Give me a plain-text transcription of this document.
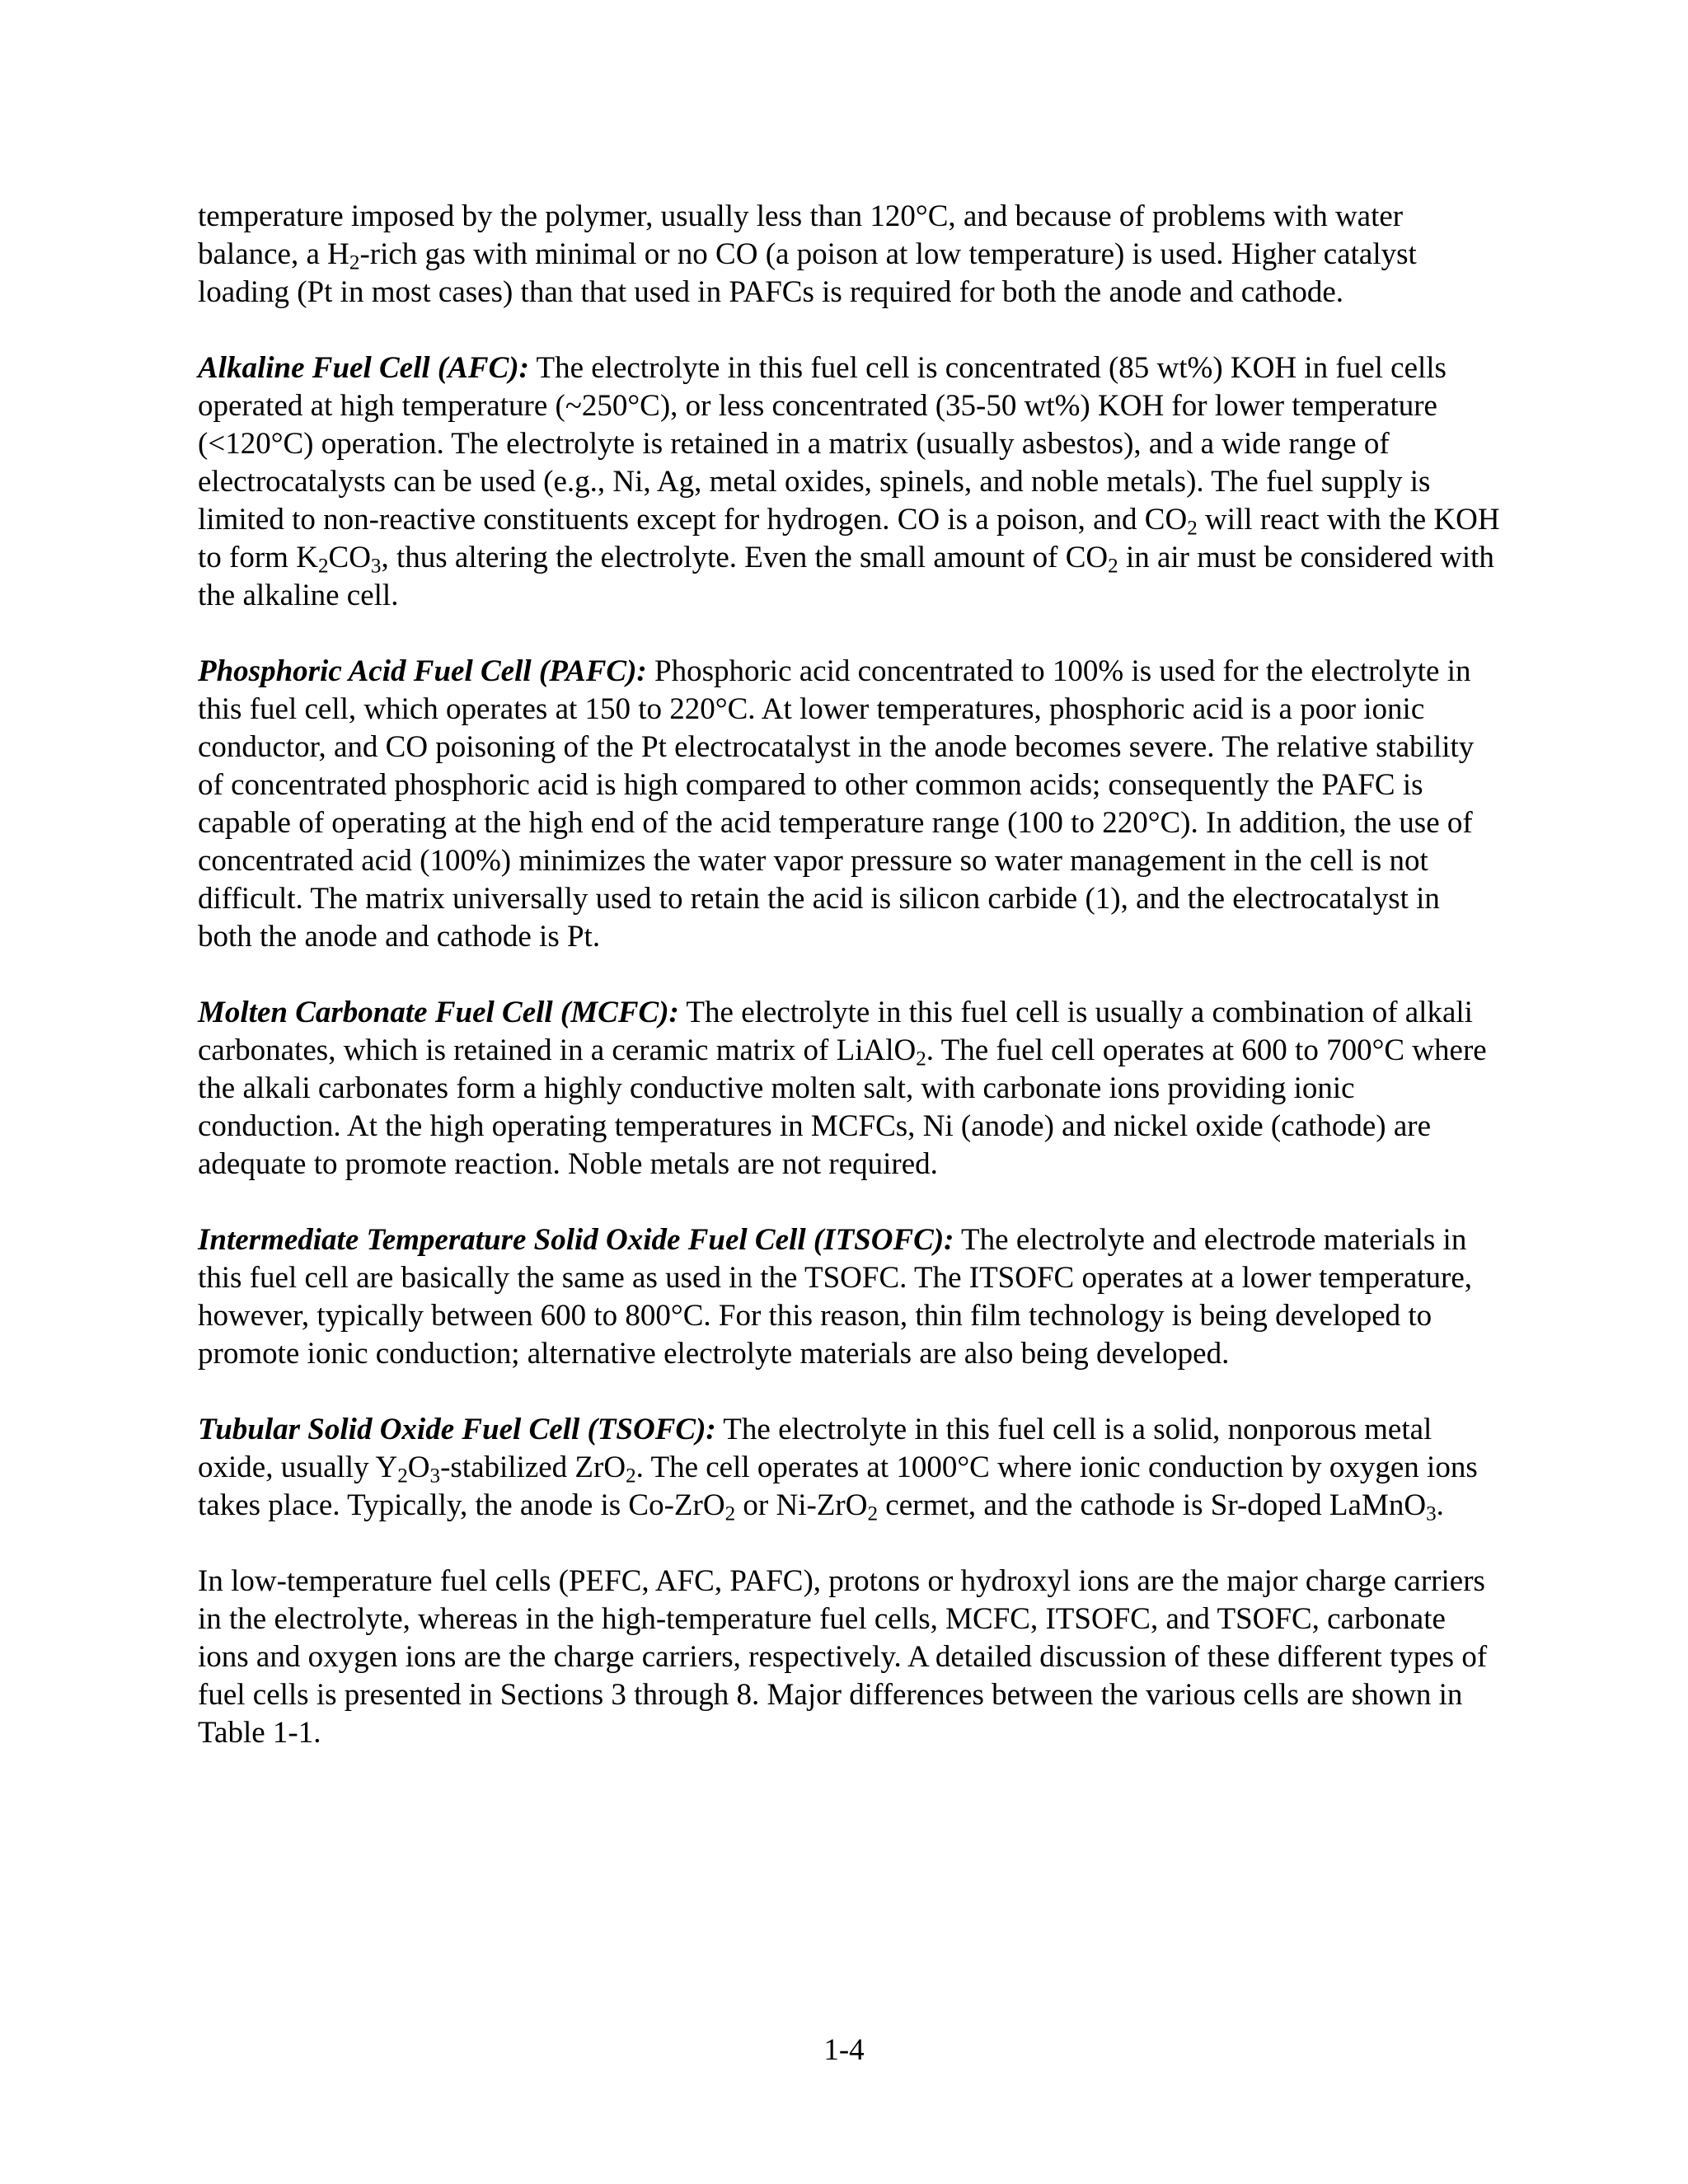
temperature imposed by the polymer, usually less than 120°C, and because of problems with water balance, a $H_2$-rich gas with minimal or no CO (a poison at low temperature) is used. Higher catalyst loading (Pt in most cases) than that used in PAFCs is required for both the anode and cathode.

Alkaline Fuel Cell (AFC): The electrolyte in this fuel cell is concentrated (85 wt%) KOH in fuel cells operated at high temperature (~250°C), or less concentrated (35-50 wt%) KOH for lower temperature (<120°C) operation. The electrolyte is retained in a matrix (usually asbestos), and a wide range of electrocatalysts can be used (e.g., Ni, Ag, metal oxides, spinels, and noble metals). The fuel supply is limited to non-reactive constituents except for hydrogen. CO is a poison, and $CO_2$ will react with the KOH to form $K_2CO_3$, thus altering the electrolyte. Even the small amount of $CO_2$ in air must be considered with the alkaline cell.

Phosphoric Acid Fuel Cell (PAFC): Phosphoric acid concentrated to 100% is used for the electrolyte in this fuel cell, which operates at 150 to 220°C. At lower temperatures, phosphoric acid is a poor ionic conductor, and CO poisoning of the Pt electrocatalyst in the anode becomes severe. The relative stability of concentrated phosphoric acid is high compared to other common acids; consequently the PAFC is capable of operating at the high end of the acid temperature range (100 to 220°C). In addition, the use of concentrated acid (100%) minimizes the water vapor pressure so water management in the cell is not difficult. The matrix universally used to retain the acid is silicon carbide (1), and the electrocatalyst in both the anode and cathode is Pt.

Molten Carbonate Fuel Cell (MCFC): The electrolyte in this fuel cell is usually a combination of alkali carbonates, which is retained in a ceramic matrix of LiAlO$_2$. The fuel cell operates at 600 to 700°C where the alkali carbonates form a highly conductive molten salt, with carbonate ions providing ionic conduction. At the high operating temperatures in MCFCs, Ni (anode) and nickel oxide (cathode) are adequate to promote reaction. Noble metals are not required.

Intermediate Temperature Solid Oxide Fuel Cell (ITSOFC): The electrolyte and electrode materials in this fuel cell are basically the same as used in the TSOFC. The ITSOFC operates at a lower temperature, however, typically between 600 to 800°C. For this reason, thin film technology is being developed to promote ionic conduction; alternative electrolyte materials are also being developed.

Tubular Solid Oxide Fuel Cell (TSOFC): The electrolyte in this fuel cell is a solid, nonporous metal oxide, usually $Y_2O_3$-stabilized ZrO$_2$. The cell operates at 1000°C where ionic conduction by oxygen ions takes place. Typically, the anode is Co-ZrO$_2$ or Ni-ZrO$_2$ cermet, and the cathode is Sr-doped LaMnO$_3$.

In low-temperature fuel cells (PEFC, AFC, PAFC), protons or hydroxyl ions are the major charge carriers in the electrolyte, whereas in the high-temperature fuel cells, MCFC, ITSOFC, and TSOFC, carbonate ions and oxygen ions are the charge carriers, respectively. A detailed discussion of these different types of fuel cells is presented in Sections 3 through 8. Major differences between the various cells are shown in Table 1-1.

1-4
